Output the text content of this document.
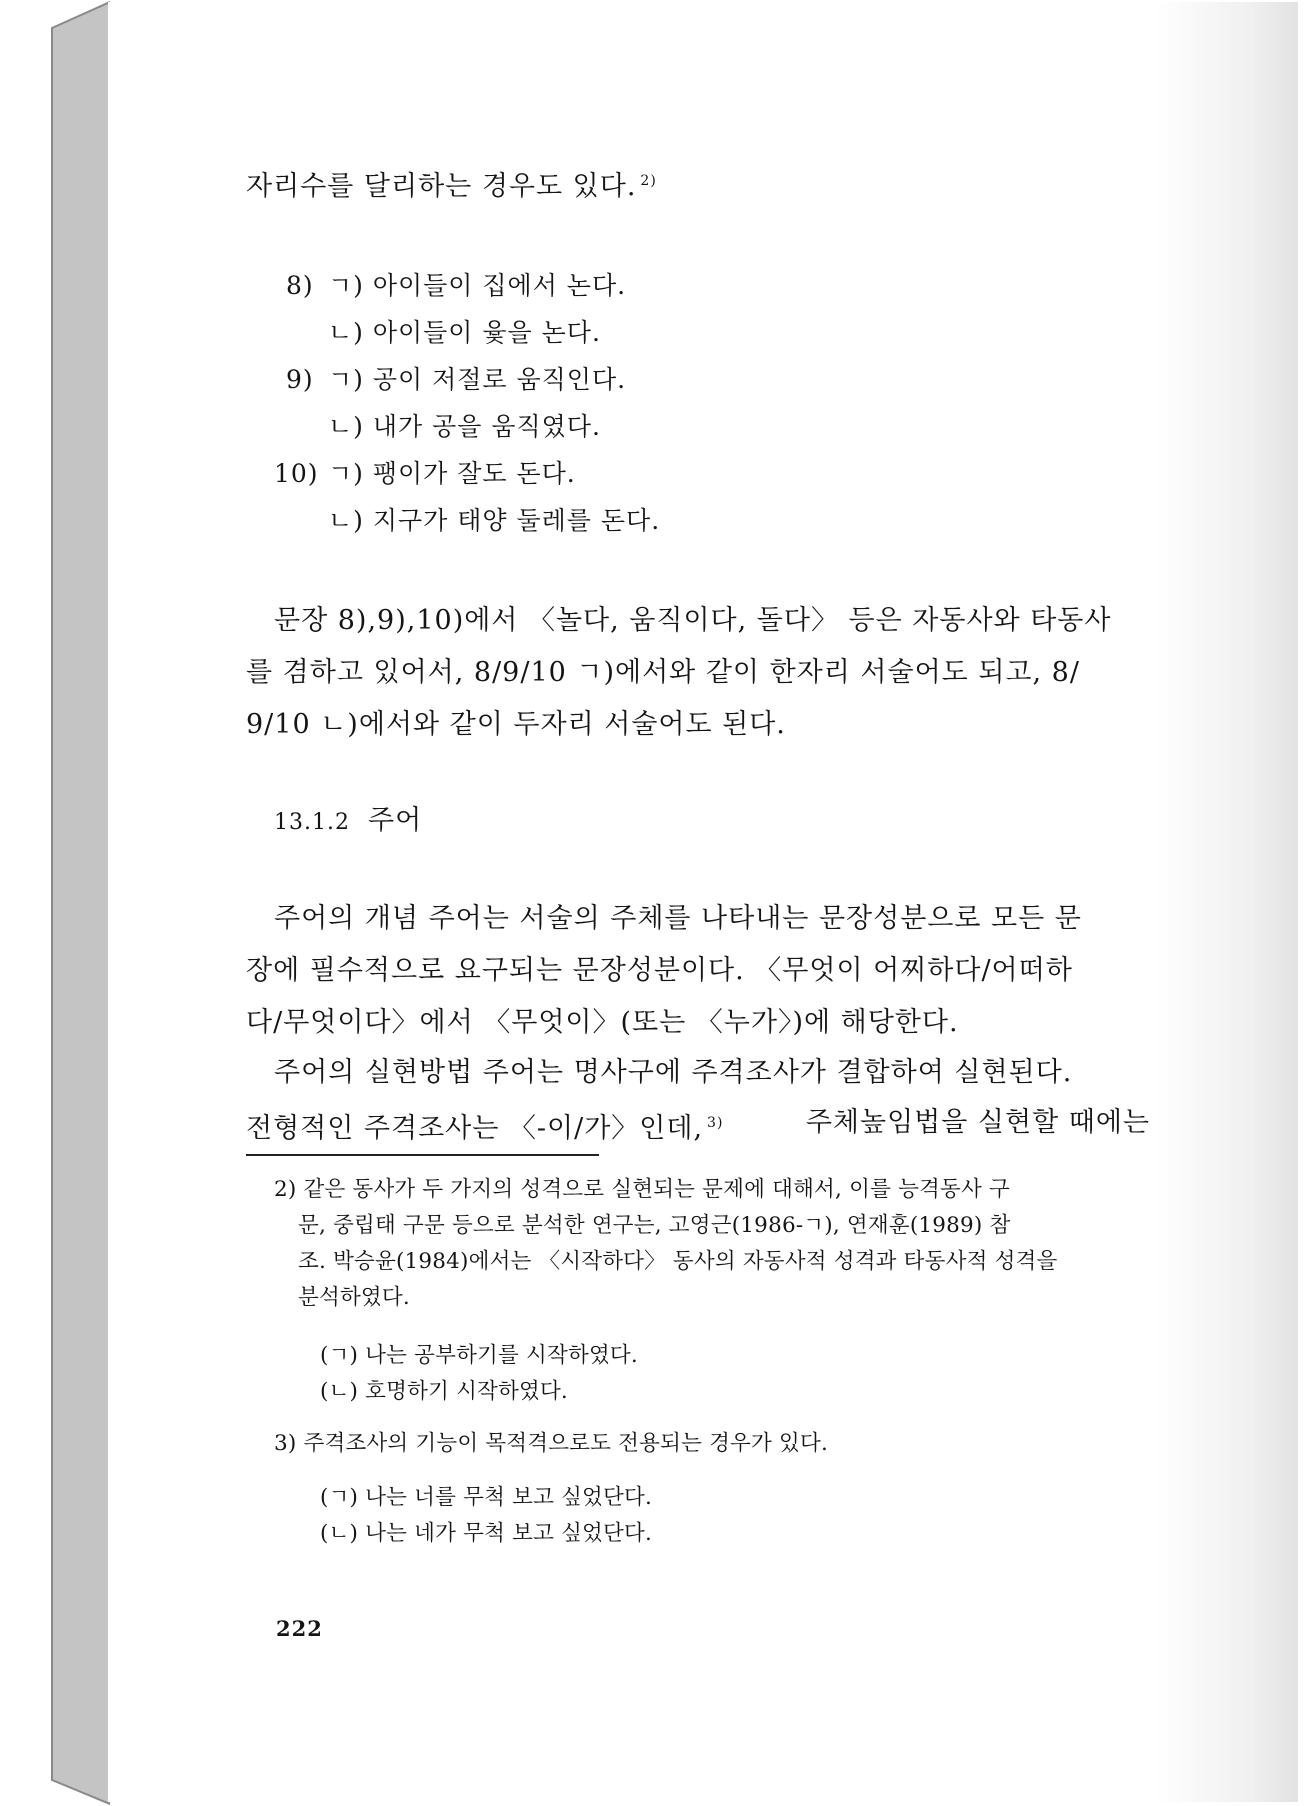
자리수를 달리하는 경우도 있다. $^{2)}$
8) ㄱ) 아이들이 집에서 논다.
ㄴ) 아이들이 윷을 논다.
9) ㄱ) 공이 저절로 움직인다.
ㄴ) 내가 공을 움직였다.
10) ㄱ) 팽이가 잘도 돈다.
ㄴ) 지구가 태양 둘레를 돈다.
문장 8),9),10)에서 〈놀다, 움직이다, 돌다〉 등은 자동사와 타동사
를 겸하고 있어서, 8/9/10 ㄱ)에서와 같이 한자리 서술어도 되고, 8/
9/10 ㄴ)에서와 같이 두자리 서술어도 된다.
13.1.2 주어
주어의 개념 주어는 서술의 주체를 나타내는 문장성분으로 모든 문
장에 필수적으로 요구되는 문장성분이다. 〈무엇이 어찌하다/어떠하
다/무엇이다〉에서 〈무엇이〉(또는 〈누가〉)에 해당한다.
주어의 실현방법 주어는 명사구에 주격조사가 결합하여 실현된다.
전형적인 주격조사는 〈-이/가〉인데, $^{3)}$	주체높임법을 실현할 때에는
2) 같은 동사가 두 가지의 성격으로 실현되는 문제에 대해서, 이를 능격동사 구
문, 중립태 구문 등으로 분석한 연구는, 고영근(1986-ㄱ), 연재훈(1989) 참
조. 박승윤(1984)에서는 〈시작하다〉 동사의 자동사적 성격과 타동사적 성격을
분석하였다.
(ㄱ) 나는 공부하기를 시작하였다.
(ㄴ) 호명하기 시작하였다.
3) 주격조사의 기능이 목적격으로도 전용되는 경우가 있다.
(ㄱ) 나는 너를 무척 보고 싶었단다.
(ㄴ) 나는 네가 무척 보고 싶었단다.
222
